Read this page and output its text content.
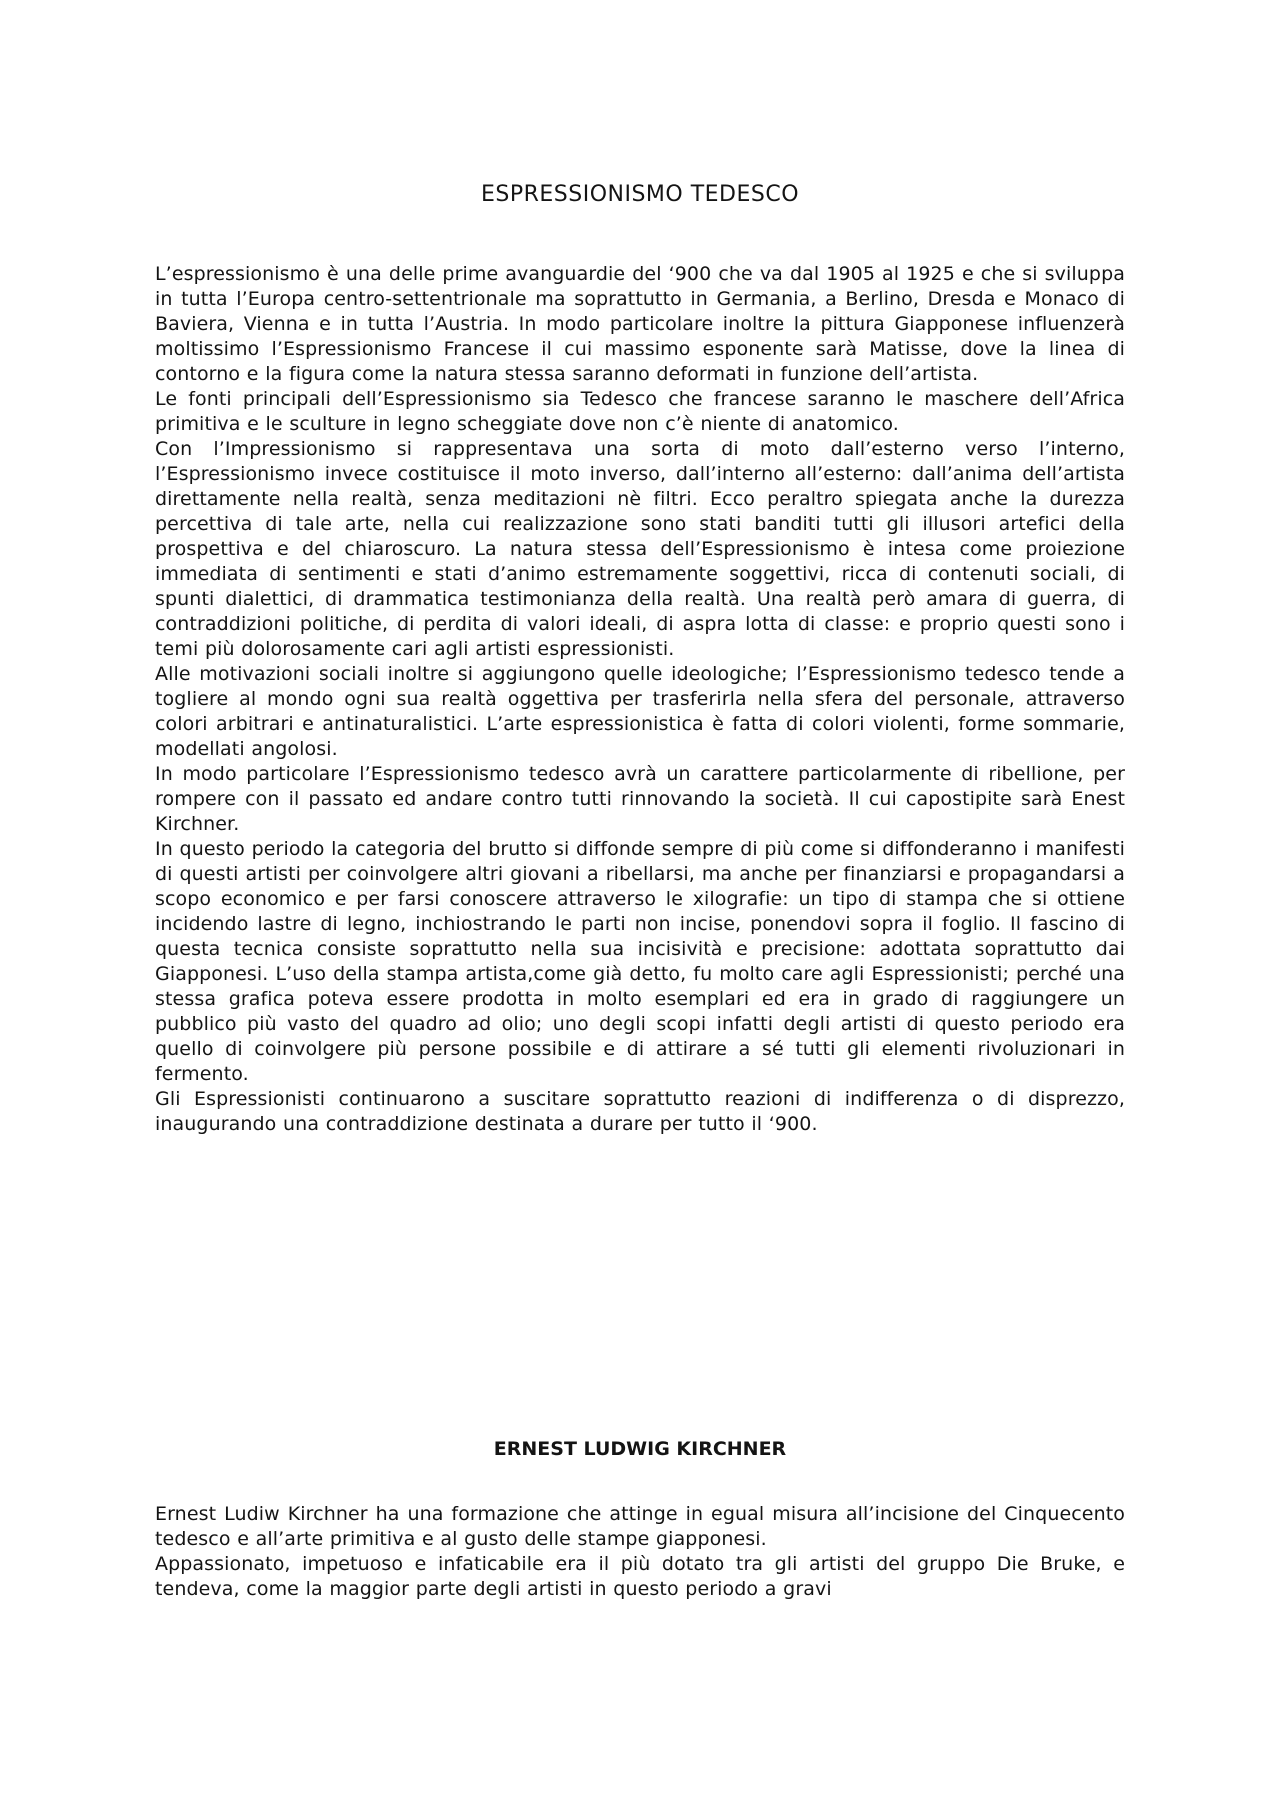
ESPRESSIONISMO TEDESCO

L’espressionismo è una delle prime avanguardie del ‘900 che va dal 1905 al 1925 e che si sviluppa in tutta l’Europa centro-settentrionale ma soprattutto in Germania, a Berlino, Dresda e Monaco di Baviera, Vienna e in tutta l’Austria. In modo particolare inoltre la pittura Giapponese influenzerà moltissimo l’Espressionismo Francese il cui massimo esponente sarà Matisse, dove la linea di contorno e la figura come la natura stessa saranno deformati in funzione dell’artista.

Le fonti principali dell’Espressionismo sia Tedesco che francese saranno le maschere dell’Africa primitiva e le sculture in legno scheggiate dove non c’è niente di anatomico.

Con l’Impressionismo si rappresentava una sorta di moto dall’esterno verso l’interno, l’Espressionismo invece costituisce il moto inverso, dall’interno all’esterno: dall’anima dell’artista direttamente nella realtà, senza meditazioni nè filtri. Ecco peraltro spiegata anche la durezza percettiva di tale arte, nella cui realizzazione sono stati banditi tutti gli illusori artefici della prospettiva e del chiaroscuro. La natura stessa dell’Espressionismo è intesa come proiezione immediata di sentimenti e stati d’animo estremamente soggettivi, ricca di contenuti sociali, di spunti dialettici, di drammatica testimonianza della realtà. Una realtà però amara di guerra, di contraddizioni politiche, di perdita di valori ideali, di aspra lotta di classe: e proprio questi sono i temi più dolorosamente cari agli artisti espressionisti.

Alle motivazioni sociali inoltre si aggiungono quelle ideologiche; l’Espressionismo tedesco tende a togliere al mondo ogni sua realtà oggettiva per trasferirla nella sfera del personale, attraverso colori arbitrari e antinaturalistici. L’arte espressionistica è fatta di colori violenti, forme sommarie, modellati angolosi.

In modo particolare l’Espressionismo tedesco avrà un carattere particolarmente di ribellione, per rompere con il passato ed andare contro tutti rinnovando la società. Il cui capostipite sarà Enest Kirchner.

In questo periodo la categoria del brutto si diffonde sempre di più come si diffonderanno i manifesti di questi artisti per coinvolgere altri giovani a ribellarsi, ma anche per finanziarsi e propagandarsi a scopo economico e per farsi conoscere attraverso le xilografie: un tipo di stampa che si ottiene incidendo lastre di legno, inchiostrando le parti non incise, ponendovi sopra il foglio. Il fascino di questa tecnica consiste soprattutto nella sua incisività e precisione: adottata soprattutto dai Giapponesi. L’uso della stampa artista,come già detto, fu molto care agli Espressionisti; perché una stessa grafica poteva essere prodotta in molto esemplari ed era in grado di raggiungere un pubblico più vasto del quadro ad olio; uno degli scopi infatti degli artisti di questo periodo era quello di coinvolgere più persone possibile e di attirare a sé tutti gli elementi rivoluzionari in fermento.

Gli Espressionisti continuarono a suscitare soprattutto reazioni di indifferenza o di disprezzo, inaugurando una contraddizione destinata a durare per tutto il ‘900.

ERNEST LUDWIG KIRCHNER

Ernest Ludiw Kirchner ha una formazione che attinge in egual misura all’incisione del Cinquecento tedesco e all’arte primitiva e al gusto delle stampe giapponesi.

Appassionato, impetuoso e infaticabile era il più dotato tra gli artisti del gruppo Die Bruke, e tendeva, come la maggior parte degli artisti in questo periodo a gravi
